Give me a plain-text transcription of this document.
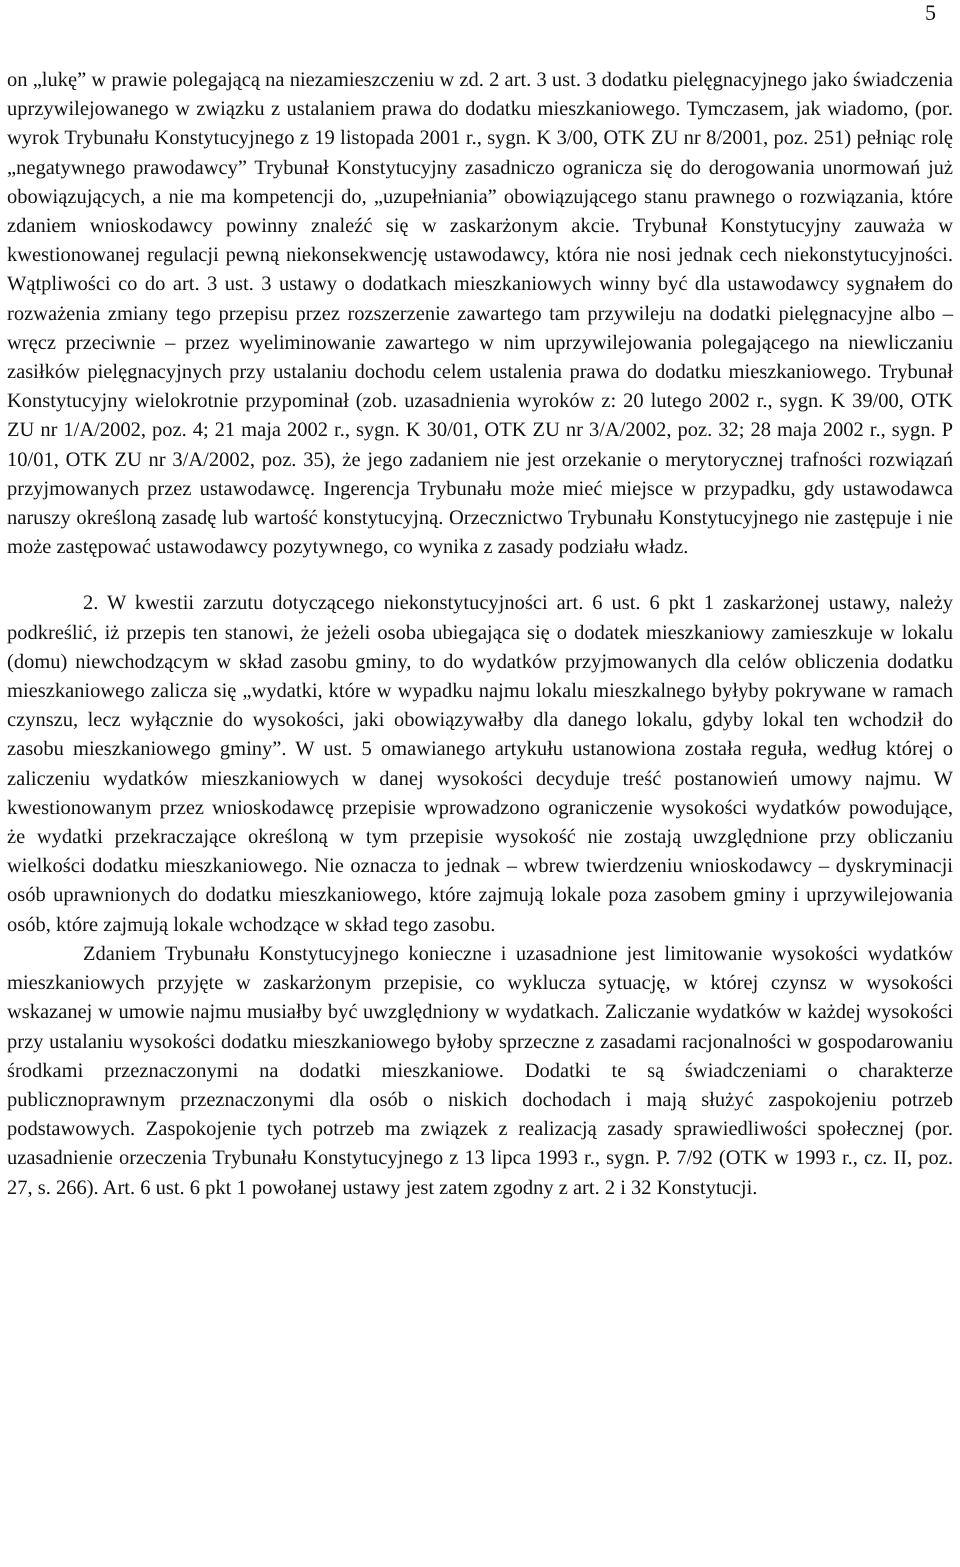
5

on „lukę” w prawie polegającą na niezamieszczeniu w zd. 2 art. 3 ust. 3 dodatku pielęgnacyjnego jako świadczenia uprzywilejowanego w związku z ustalaniem prawa do dodatku mieszkaniowego. Tymczasem, jak wiadomo, (por. wyrok Trybunału Konstytucyjnego z 19 listopada 2001 r., sygn. K 3/00, OTK ZU nr 8/2001, poz. 251) pełniąc rolę „negatywnego prawodawcy” Trybunał Konstytucyjny zasadniczo ogranicza się do derogowania unormowań już obowiązujących, a nie ma kompetencji do, „uzupełniania” obowiązującego stanu prawnego o rozwiązania, które zdaniem wnioskodawcy powinny znaleźć się w zaskarżonym akcie. Trybunał Konstytucyjny zauważa w kwestionowanej regulacji pewną niekonsekwencję ustawodawcy, która nie nosi jednak cech niekonstytucyjności. Wątpliwości co do art. 3 ust. 3 ustawy o dodatkach mieszkaniowych winny być dla ustawodawcy sygnałem do rozważenia zmiany tego przepisu przez rozszerzenie zawartego tam przywileju na dodatki pielęgnacyjne albo – wręcz przeciwnie – przez wyeliminowanie zawartego w nim uprzywilejowania polegającego na niewliczaniu zasiłków pielęgnacyjnych przy ustalaniu dochodu celem ustalenia prawa do dodatku mieszkaniowego. Trybunał Konstytucyjny wielokrotnie przypominał (zob. uzasadnienia wyroków z: 20 lutego 2002 r., sygn. K 39/00, OTK ZU nr 1/A/2002, poz. 4; 21 maja 2002 r., sygn. K 30/01, OTK ZU nr 3/A/2002, poz. 32; 28 maja 2002 r., sygn. P 10/01, OTK ZU nr 3/A/2002, poz. 35), że jego zadaniem nie jest orzekanie o merytorycznej trafności rozwiązań przyjmowanych przez ustawodawcę. Ingerencja Trybunału może mieć miejsce w przypadku, gdy ustawodawca naruszy określoną zasadę lub wartość konstytucyjną. Orzecznictwo Trybunału Konstytucyjnego nie zastępuje i nie może zastępować ustawodawcy pozytywnego, co wynika z zasady podziału władz.

2. W kwestii zarzutu dotyczącego niekonstytucyjności art. 6 ust. 6 pkt 1 zaskarżonej ustawy, należy podkreślić, iż przepis ten stanowi, że jeżeli osoba ubiegająca się o dodatek mieszkaniowy zamieszkuje w lokalu (domu) niewchodzącym w skład zasobu gminy, to do wydatków przyjmowanych dla celów obliczenia dodatku mieszkaniowego zalicza się „wydatki, które w wypadku najmu lokalu mieszkalnego byłyby pokrywane w ramach czynszu, lecz wyłącznie do wysokości, jaki obowiązywałby dla danego lokalu, gdyby lokal ten wchodził do zasobu mieszkaniowego gminy”. W ust. 5 omawianego artykułu ustanowiona została reguła, według której o zaliczeniu wydatków mieszkaniowych w danej wysokości decyduje treść postanowień umowy najmu. W kwestionowanym przez wnioskodawcę przepisie wprowadzono ograniczenie wysokości wydatków powodujące, że wydatki przekraczające określoną w tym przepisie wysokość nie zostają uwzględnione przy obliczaniu wielkości dodatku mieszkaniowego. Nie oznacza to jednak – wbrew twierdzeniu wnioskodawcy – dyskryminacji osób uprawnionych do dodatku mieszkaniowego, które zajmują lokale poza zasobem gminy i uprzywilejowania osób, które zajmują lokale wchodzące w skład tego zasobu.

Zdaniem Trybunału Konstytucyjnego konieczne i uzasadnione jest limitowanie wysokości wydatków mieszkaniowych przyjęte w zaskarżonym przepisie, co wyklucza sytuację, w której czynsz w wysokości wskazanej w umowie najmu musiałby być uwzględniony w wydatkach. Zaliczanie wydatków w każdej wysokości przy ustalaniu wysokości dodatku mieszkaniowego byłoby sprzeczne z zasadami racjonalności w gospodarowaniu środkami przeznaczonymi na dodatki mieszkaniowe. Dodatki te są świadczeniami o charakterze publicznoprawnym przeznaczonymi dla osób o niskich dochodach i mają służyć zaspokojeniu potrzeb podstawowych. Zaspokojenie tych potrzeb ma związek z realizacją zasady sprawiedliwości społecznej (por. uzasadnienie orzeczenia Trybunału Konstytucyjnego z 13 lipca 1993 r., sygn. P. 7/92 (OTK w 1993 r., cz. II, poz. 27, s. 266). Art. 6 ust. 6 pkt 1 powołanej ustawy jest zatem zgodny z art. 2 i 32 Konstytucji.
